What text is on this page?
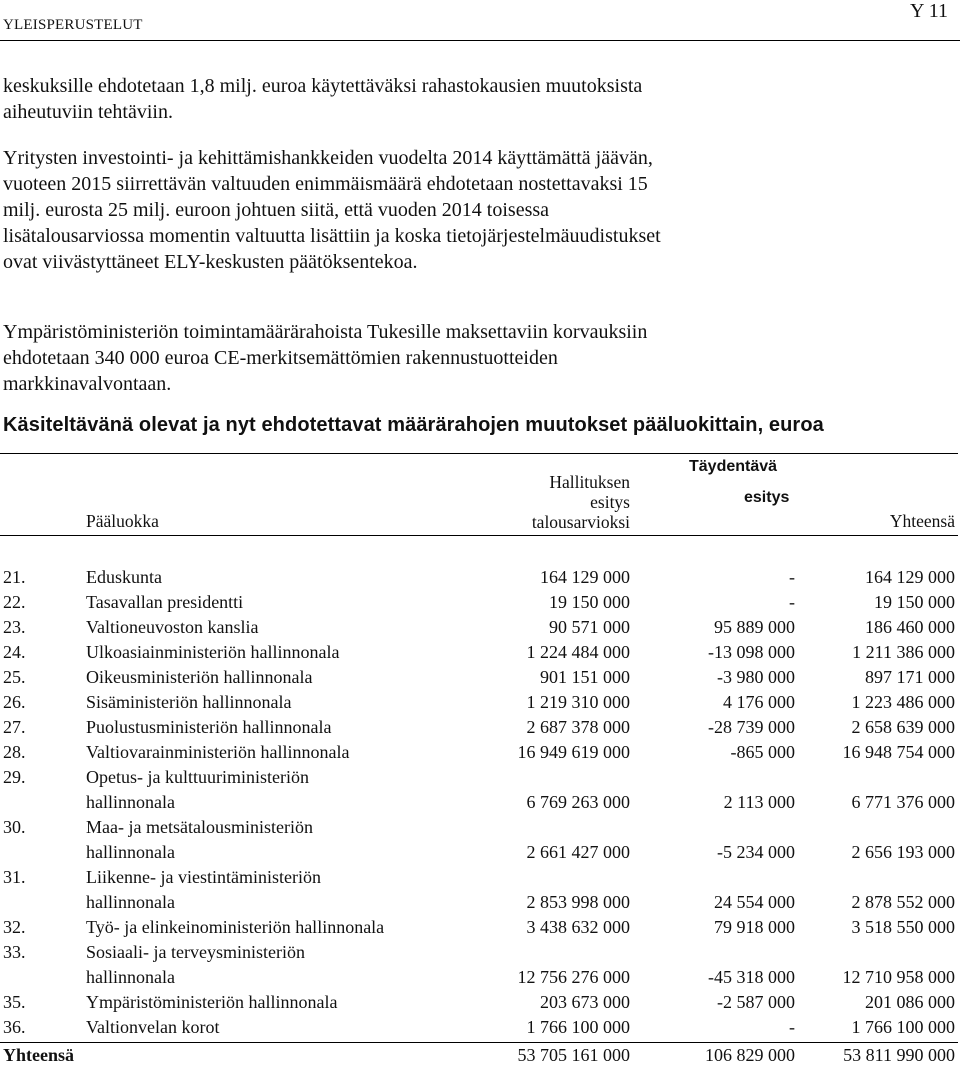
YLEISPERUSTELUT
Y 11

keskuksille ehdotetaan 1,8 milj. euroa käytettäväksi rahastokausien muutoksista aiheutuviin tehtäviin.

Yritysten investointi- ja kehittämishankkeiden vuodelta 2014 käyttämättä jäävän, vuoteen 2015 siirrettävän valtuuden enimmäismäärä ehdotetaan nostettavaksi 15 milj. eurosta 25 milj. euroon johtuen siitä, että vuoden 2014 toisessa lisätalousarviossa momentin valtuutta lisättiin ja koska tietojärjestelmäuudistukset ovat viivästyttäneet ELY-keskusten päätöksentekoa.

Ympäristöministeriön toimintamäärärahoista Tukesille maksettaviin korvauksiin ehdotetaan 340 000 euroa CE-merkitsemättömien rakennustuotteiden markkinavalvontaan.

Käsiteltävänä olevat ja nyt ehdotettavat määrärahojen muutokset pääluokittain, euroa
Pääluokka
Hallituksen
esitys
talousarvioksi
Täydentävä
esitys
Yhteensä
21.	Eduskunta	164 129 000	-	164 129 000
22.	Tasavallan presidentti	19 150 000	-	19 150 000
23.	Valtioneuvoston kanslia	90 571 000	95 889 000	186 460 000
24.	Ulkoasiainministeriön hallinnonala	1 224 484 000	-13 098 000	1 211 386 000
25.	Oikeusministeriön hallinnonala	901 151 000	-3 980 000	897 171 000
26.	Sisäministeriön hallinnonala	1 219 310 000	4 176 000	1 223 486 000
27.	Puolustusministeriön hallinnonala	2 687 378 000	-28 739 000	2 658 639 000
28.	Valtiovarainministeriön hallinnonala	16 949 619 000	-865 000	16 948 754 000
29.	Opetus- ja kulttuuriministeriön
hallinnonala	6 769 263 000	2 113 000	6 771 376 000
30.	Maa- ja metsätalousministeriön
hallinnonala	2 661 427 000	-5 234 000	2 656 193 000
31.	Liikenne- ja viestintäministeriön
hallinnonala	2 853 998 000	24 554 000	2 878 552 000
32.	Työ- ja elinkeinoministeriön hallinnonala	3 438 632 000	79 918 000	3 518 550 000
33.	Sosiaali- ja terveysministeriön
hallinnonala	12 756 276 000	-45 318 000	12 710 958 000
35.	Ympäristöministeriön hallinnonala	203 673 000	-2 587 000	201 086 000
36.	Valtionvelan korot	1 766 100 000	-	1 766 100 000
Yhteensä	53 705 161 000	106 829 000	53 811 990 000
